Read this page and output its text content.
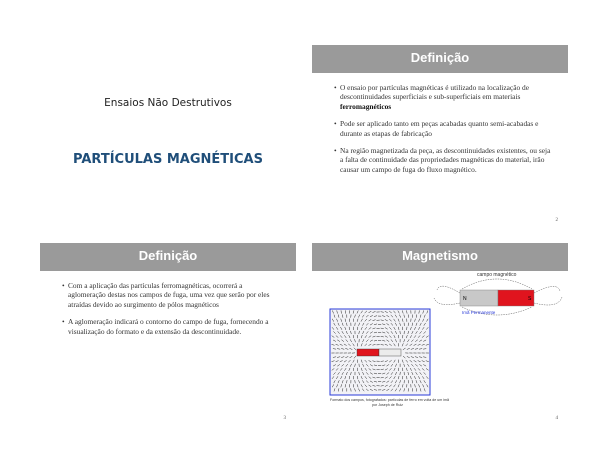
Ensaios Não Destrutivos
PARTÍCULAS MAGNÉTICAS
Definição
• O ensaio por partículas magnéticas é utilizado na localização de descontinuidades superficiais e sub-superficiais em materiais ferromagnéticos
• Pode ser aplicado tanto em peças acabadas quanto semi-acabadas e durante as etapas de fabricação
• Na região magnetizada da peça, as descontinuidades existentes, ou seja a falta de continuidade das propriedades magnéticas do material, irão causar um campo de fuga do fluxo magnético.
2
Definição
• Com a aplicação das partículas ferromagnéticas, ocorrerá a aglomeração destas nos campos de fuga, uma vez que serão por eles atraídas devido ao surgimento de pólos magnéticos
• A aglomeração indicará o contorno do campo de fuga, fornecendo a visualização do formato e da extensão da descontinuidade.
3
Magnetismo
N	S
campo magnético
Imã Permanente
Formato dos campos, fotografados: partículas de ferro em volta de um imã
por Joseph de Ruiz
4
